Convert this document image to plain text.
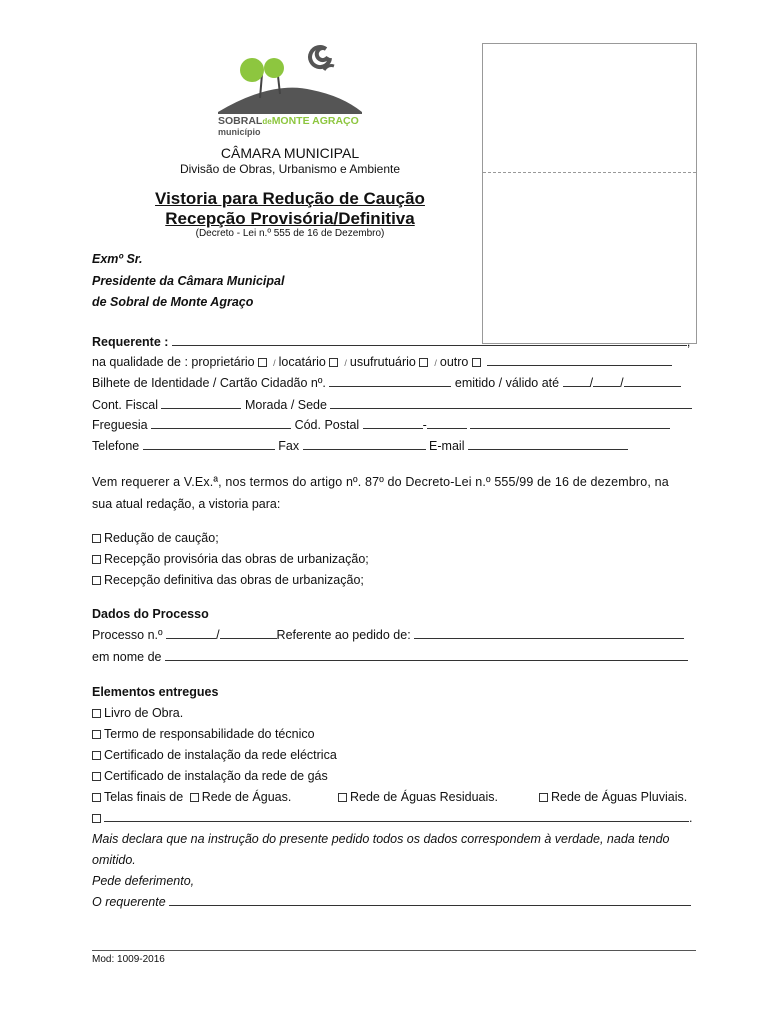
SOBRALdeMONTE AGRAÇO
município
CÂMARA MUNICIPAL
Divisão de Obras, Urbanismo e Ambiente
Vistoria para Redução de Caução
Recepção Provisória/Definitiva
(Decreto - Lei n.º 555 de 16 de Dezembro)
Exmº Sr.
Presidente da Câmara Municipal
de Sobral de Monte Agraço
Requerente :	,
na qualidade de : proprietário / locatário / usufrutuário / outro
Bilhete de Identidade / Cartão Cidadão nº.	emitido / válido até / /
Cont. Fiscal	Morada / Sede
Freguesia	Cód. Postal	-
Telefone	Fax	E-mail
Vem requerer a V.Ex.ª, nos termos do artigo nº. 87º do Decreto-Lei n.º 555/99 de 16 de dezembro, na
sua atual redação, a vistoria para:
Redução de caução;
Recepção provisória das obras de urbanização;
Recepção definitiva das obras de urbanização;
Dados do Processo
Processo n.º	/	Referente ao pedido de:
em nome de
Elementos entregues
Livro de Obra.
Termo de responsabilidade do técnico
Certificado de instalação da rede eléctrica
Certificado de instalação da rede de gás
Telas finais de Rede de Águas.	Rede de Águas Residuais.	Rede de Águas Pluviais.
.
Mais declara que na instrução do presente pedido todos os dados correspondem à verdade, nada tendo
omitido.
Pede deferimento,
O requerente
Mod: 1009-2016
